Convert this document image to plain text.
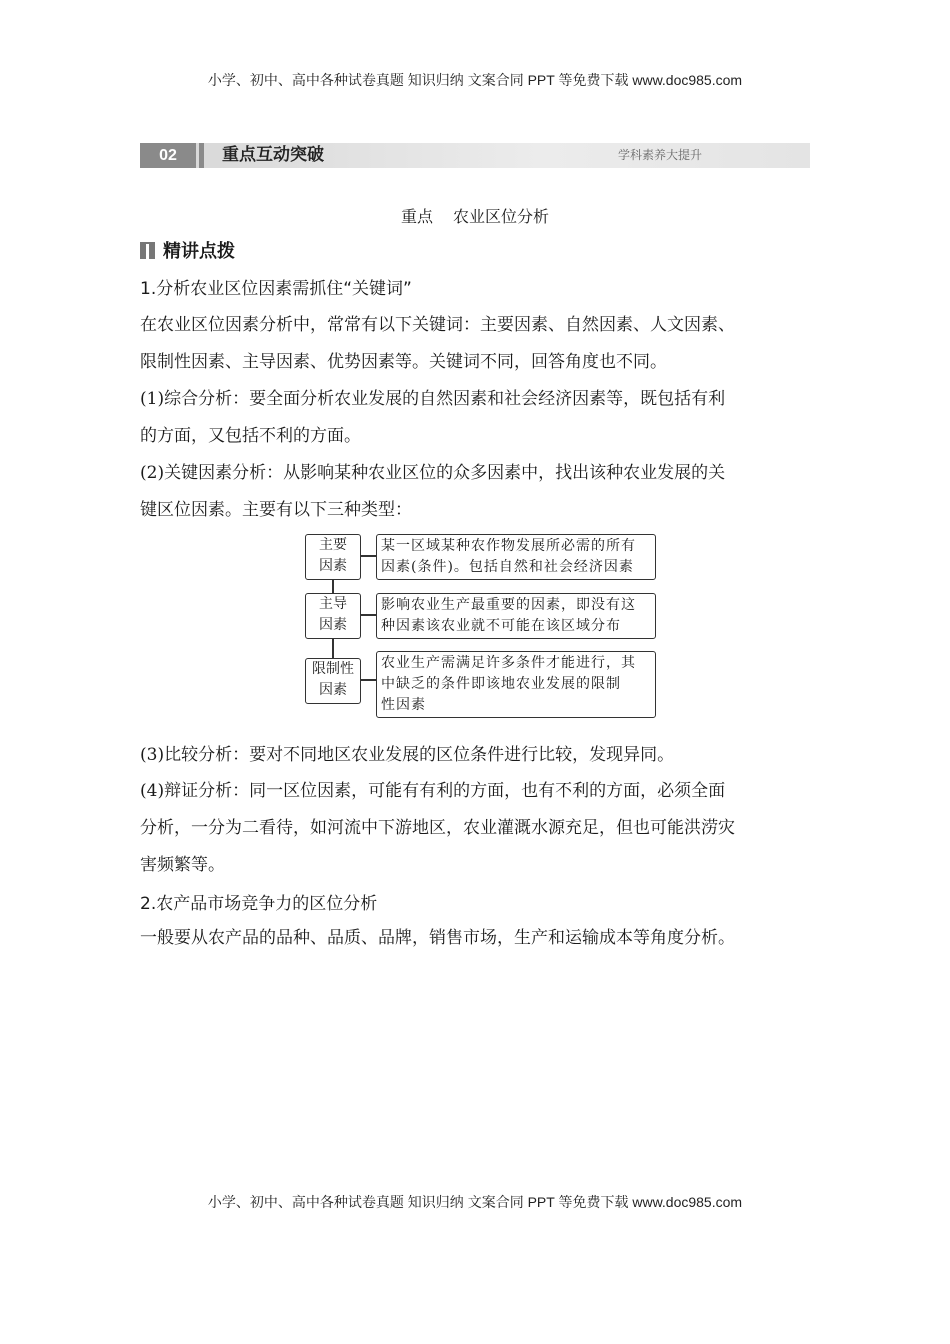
小学、初中、高中各种试卷真题 知识归纳 文案合同 PPT 等免费下载 www.doc985.com
02	重点互动突破	学科素养大提升
重点 农业区位分析
精讲点拨
1.分析农业区位因素需抓住“关键词”
在农业区位因素分析中，常常有以下关键词：主要因素、自然因素、人文因素、
限制性因素、主导因素、优势因素等。关键词不同，回答角度也不同。
(1)综合分析：要全面分析农业发展的自然因素和社会经济因素等，既包括有利
的方面，又包括不利的方面。
(2)关键因素分析：从影响某种农业区位的众多因素中，找出该种农业发展的关
键区位因素。主要有以下三种类型：
主要
因素
某一区域某种农作物发展所必需的所有
因素(条件)。包括自然和社会经济因素
主导
因素
影响农业生产最重要的因素，即没有这
种因素该农业就不可能在该区域分布
限制性
因素
农业生产需满足许多条件才能进行，其
中缺乏的条件即该地农业发展的限制
性因素
(3)比较分析：要对不同地区农业发展的区位条件进行比较，发现异同。
(4)辩证分析：同一区位因素，可能有有利的方面，也有不利的方面，必须全面
分析，一分为二看待，如河流中下游地区，农业灌溉水源充足，但也可能洪涝灾
害频繁等。
2.农产品市场竞争力的区位分析
一般要从农产品的品种、品质、品牌，销售市场，生产和运输成本等角度分析。
小学、初中、高中各种试卷真题 知识归纳 文案合同 PPT 等免费下载 www.doc985.com
